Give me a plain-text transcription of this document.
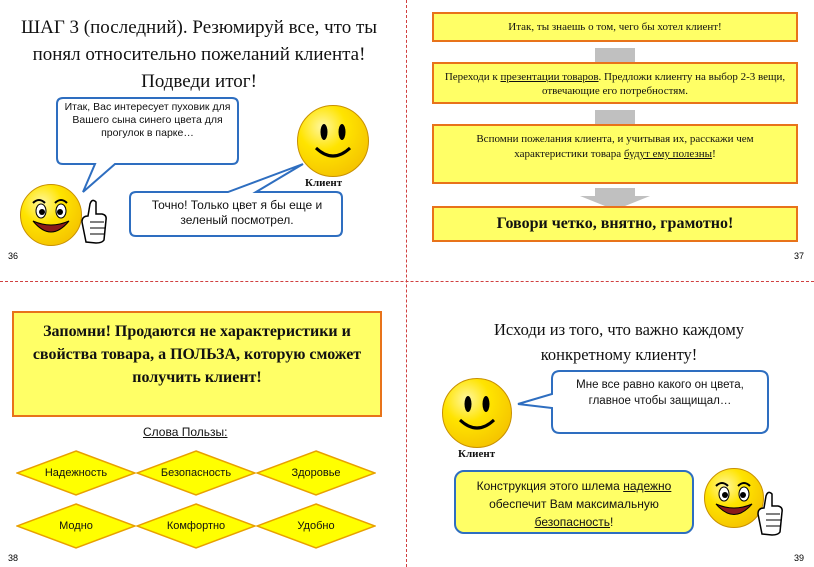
ШАГ 3 (последний). Резюмируй все, что ты понял относительно пожеланий клиента! Подведи итог!
Итак, Вас интересует пуховик для Вашего сына синего цвета для прогулок в парке…
Клиент
Точно! Только цвет я бы еще и зеленый посмотрел.
36
Итак, ты знаешь о том, чего бы хотел клиент!
Переходи к презентации товаров. Предложи клиенту на выбор 2-3 вещи, отвечающие его потребностям.
Вспомни пожелания клиента, и учитывая их, расскажи чем характеристики товара будут ему полезны!
Говори четко, внятно, грамотно!
37
Запомни! Продаются не характеристики и свойства товара, а ПОЛЬЗА, которую сможет получить клиент!
Слова Пользы:
Надежность	Безопасность	Здоровье
Модно	Комфортно	Удобно
38
Исходи из того, что важно каждому конкретному клиенту!
Клиент
Мне все равно какого он цвета, главное чтобы защищал…
Конструкция этого шлема надежно обеспечит Вам максимальную безопасность!
39
